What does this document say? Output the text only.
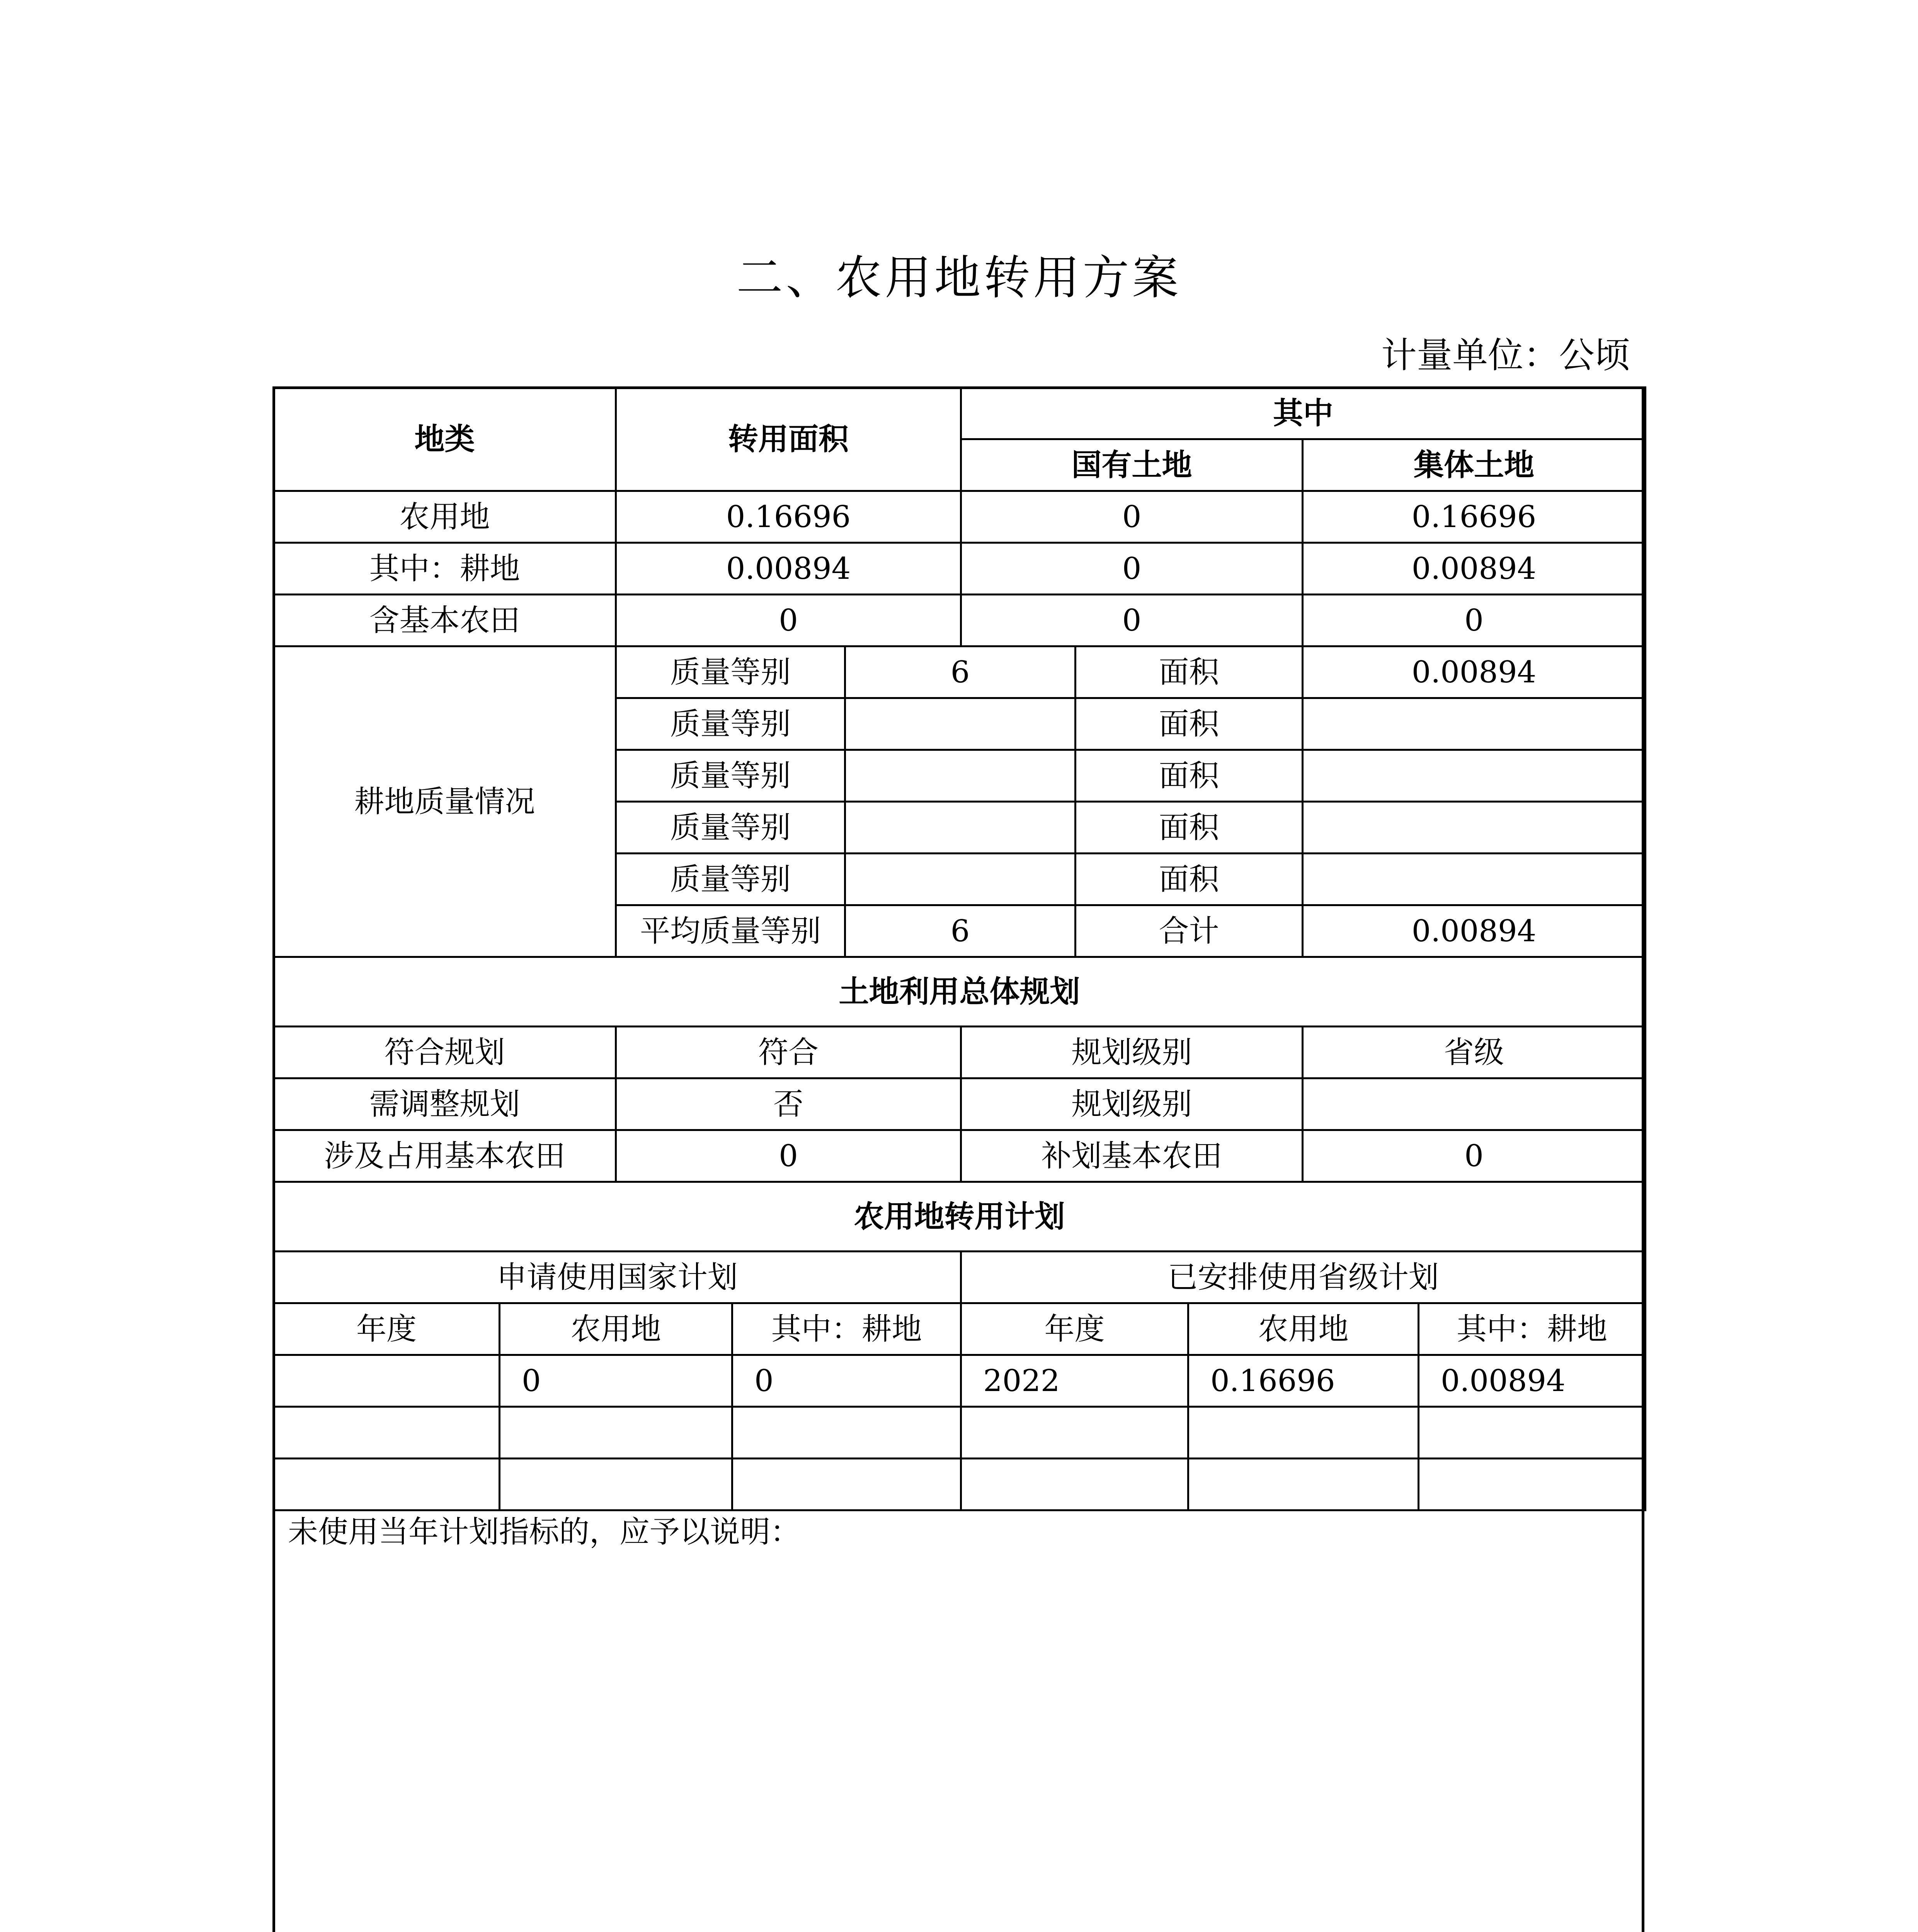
二、农用地转用方案
计量单位：公顷
地类		转用面积			其中				
					国有土地			集体土地	
农用地		0.16696			0			0.16696	
其中：耕地		0.00894			0			0.00894	
含基本农田		0			0			0	
耕地质量情况		质量等别		6		面积		0.00894	
		质量等别				面积			
		质量等别				面积			
		质量等别				面积			
		质量等别				面积			
		平均质量等别		6		合计		0.00894	
土地利用总体规划									
符合规划		符合			规划级别			省级	
需调整规划		否			规划级别				
涉及占用基本农田		0			补划基本农田			0	
农用地转用计划									
申请使用国家计划					已安排使用省级计划				
年度	农用地		其中：耕地		年度		农用地		其中：耕地
	0		0		2022		0.16696		0.00894

未使用当年计划指标的，应予以说明：
